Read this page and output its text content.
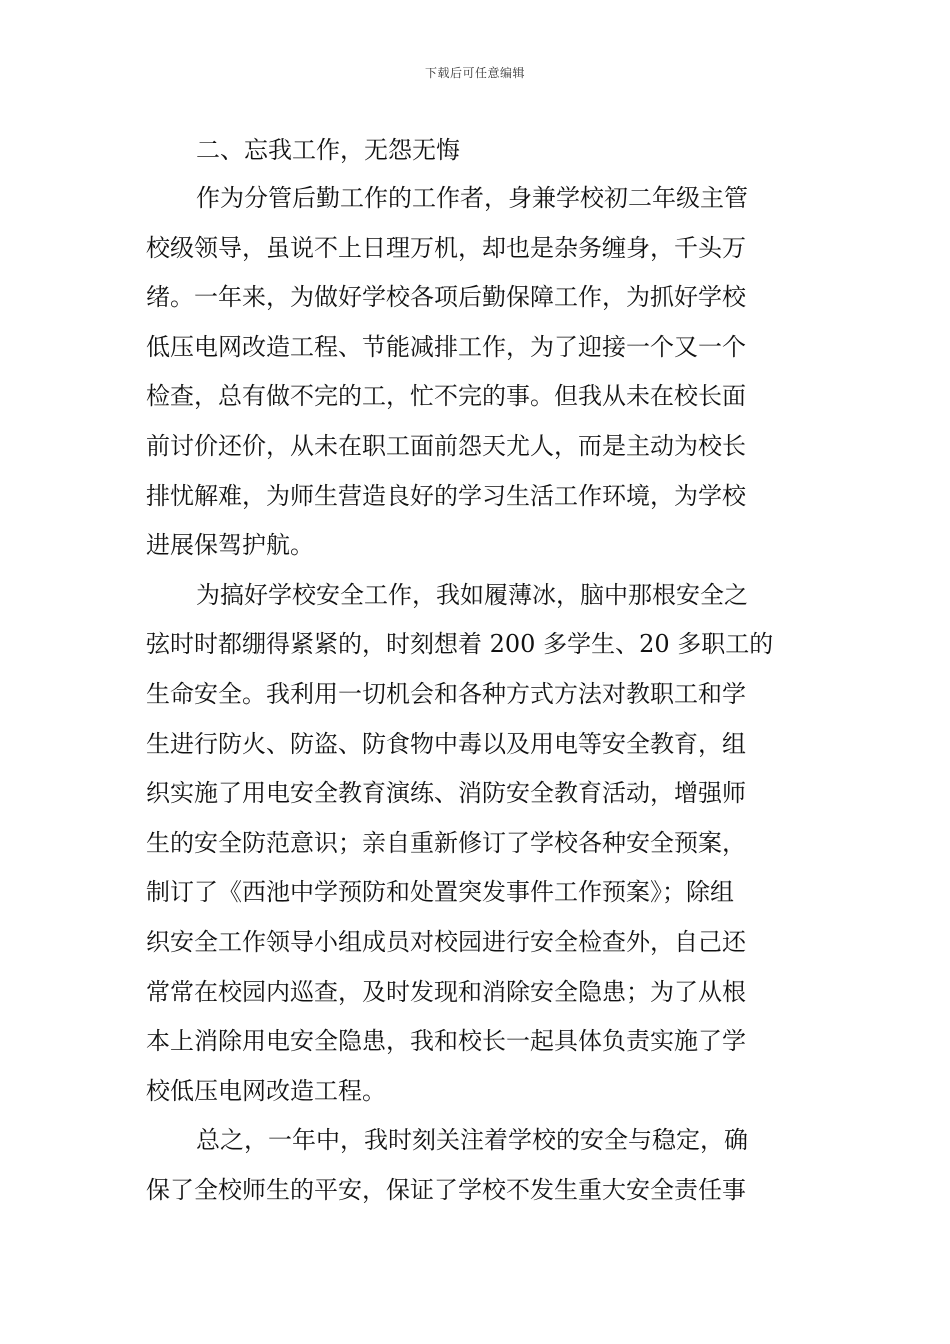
下载后可任意编辑
二、忘我工作，无怨无悔
作为分管后勤工作的工作者，身兼学校初二年级主管
校级领导，虽说不上日理万机，却也是杂务缠身，千头万
绪。一年来，为做好学校各项后勤保障工作，为抓好学校
低压电网改造工程、节能减排工作，为了迎接一个又一个
检查，总有做不完的工，忙不完的事。但我从未在校长面
前讨价还价，从未在职工面前怨天尤人，而是主动为校长
排忧解难，为师生营造良好的学习生活工作环境，为学校
进展保驾护航。
为搞好学校安全工作，我如履薄冰，脑中那根安全之
弦时时都绷得紧紧的，时刻想着 200 多学生、20 多职工的
生命安全。我利用一切机会和各种方式方法对教职工和学
生进行防火、防盗、防食物中毒以及用电等安全教育，组
织实施了用电安全教育演练、消防安全教育活动，增强师
生的安全防范意识；亲自重新修订了学校各种安全预案，
制订了《西池中学预防和处置突发事件工作预案》；除组
织安全工作领导小组成员对校园进行安全检查外，自己还
常常在校园内巡查，及时发现和消除安全隐患；为了从根
本上消除用电安全隐患，我和校长一起具体负责实施了学
校低压电网改造工程。
总之，一年中，我时刻关注着学校的安全与稳定，确
保了全校师生的平安，保证了学校不发生重大安全责任事
